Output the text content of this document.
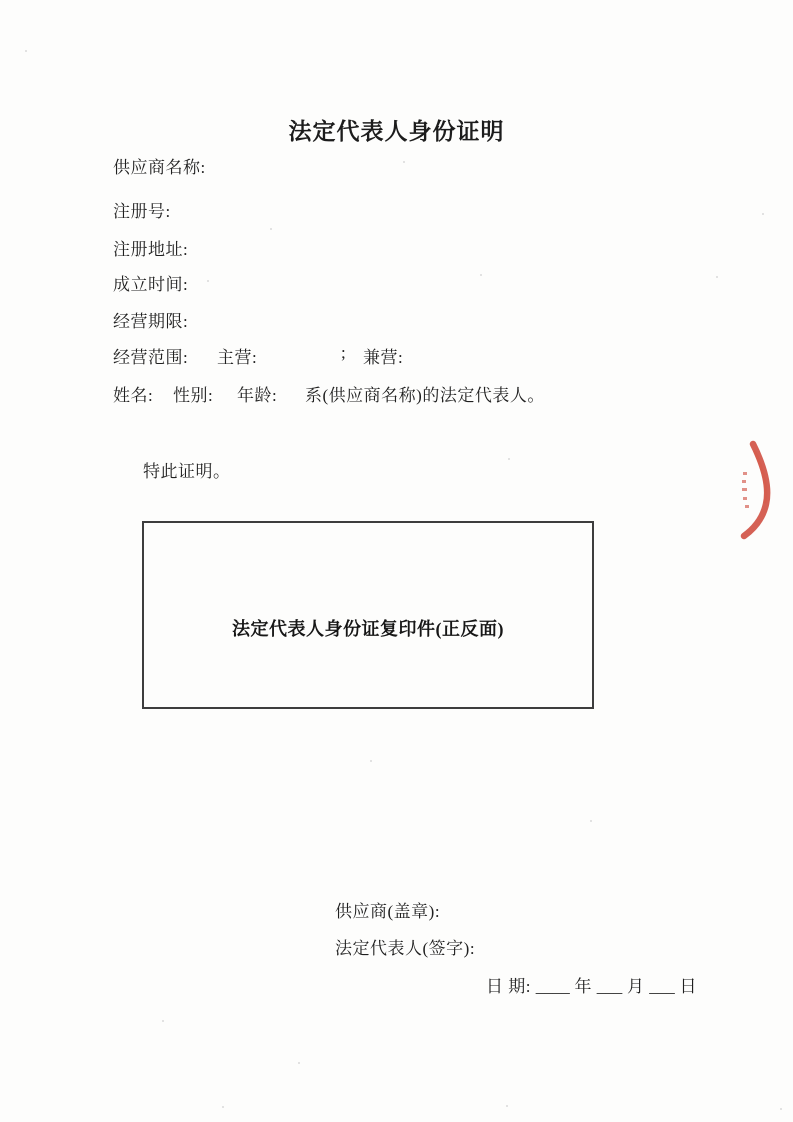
法定代表人身份证明
供应商名称:
注册号:
注册地址:
成立时间:
经营期限:
经营范围: 主营:	; 兼营:
姓名: 性别: 年龄: 系(供应商名称)的法定代表人。
特此证明。
法定代表人身份证复印件(正反面)
供应商(盖章):
法定代表人(签字):
日 期: ____ 年 ___ 月 ___ 日
